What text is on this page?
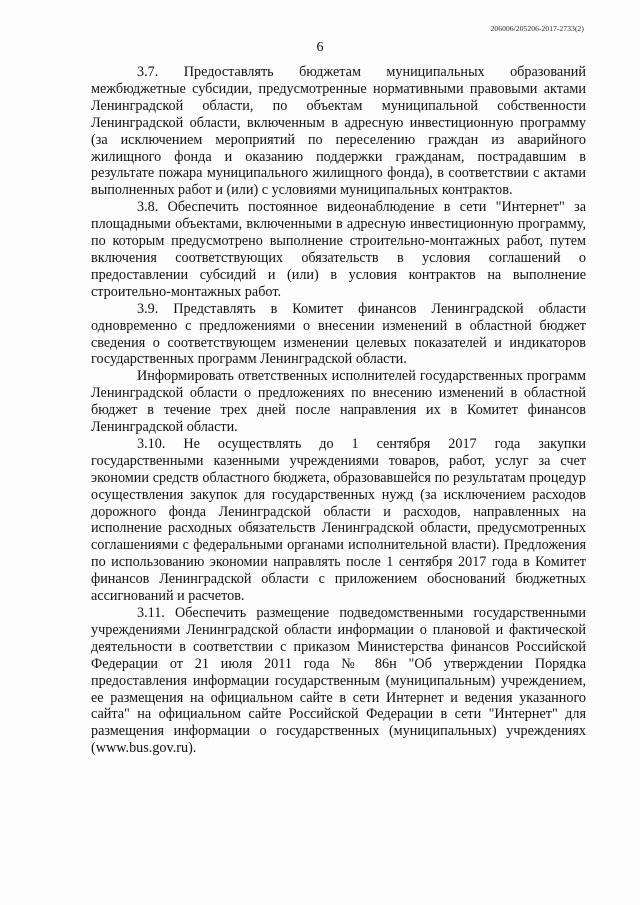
206006/205206-2017-2733(2)
6

3.7. Предоставлять бюджетам муниципальных образований межбюджетные субсидии, предусмотренные нормативными правовыми актами Ленинградской области, по объектам муниципальной собственности Ленинградской области, включенным в адресную инвестиционную программу (за исключением мероприятий по переселению граждан из аварийного жилищного фонда и оказанию поддержки гражданам, пострадавшим в результате пожара муниципального жилищного фонда), в соответствии с актами выполненных работ и (или) с условиями муниципальных контрактов.

3.8. Обеспечить постоянное видеонаблюдение в сети "Интернет" за площадными объектами, включенными в адресную инвестиционную программу, по которым предусмотрено выполнение строительно-монтажных работ, путем включения соответствующих обязательств в условия соглашений о предоставлении субсидий и (или) в условия контрактов на выполнение строительно-монтажных работ.

3.9. Представлять в Комитет финансов Ленинградской области одновременно с предложениями о внесении изменений в областной бюджет сведения о соответствующем изменении целевых показателей и индикаторов государственных программ Ленинградской области.

Информировать ответственных исполнителей государственных программ Ленинградской области о предложениях по внесению изменений в областной бюджет в течение трех дней после направления их в Комитет финансов Ленинградской области.

3.10. Не осуществлять до 1 сентября 2017 года закупки государственными казенными учреждениями товаров, работ, услуг за счет экономии средств областного бюджета, образовавшейся по результатам процедур осуществления закупок для государственных нужд (за исключением расходов дорожного фонда Ленинградской области и расходов, направленных на исполнение расходных обязательств Ленинградской области, предусмотренных соглашениями с федеральными органами исполнительной власти). Предложения по использованию экономии направлять после 1 сентября 2017 года в Комитет финансов Ленинградской области с приложением обоснований бюджетных ассигнований и расчетов.

3.11. Обеспечить размещение подведомственными государственными учреждениями Ленинградской области информации о плановой и фактической деятельности в соответствии с приказом Министерства финансов Российской Федерации от 21 июля 2011 года № 86н "Об утверждении Порядка предоставления информации государственным (муниципальным) учреждением, ее размещения на официальном сайте в сети Интернет и ведения указанного сайта" на официальном сайте Российской Федерации в сети "Интернет" для размещения информации о государственных (муниципальных) учреждениях (www.bus.gov.ru).
